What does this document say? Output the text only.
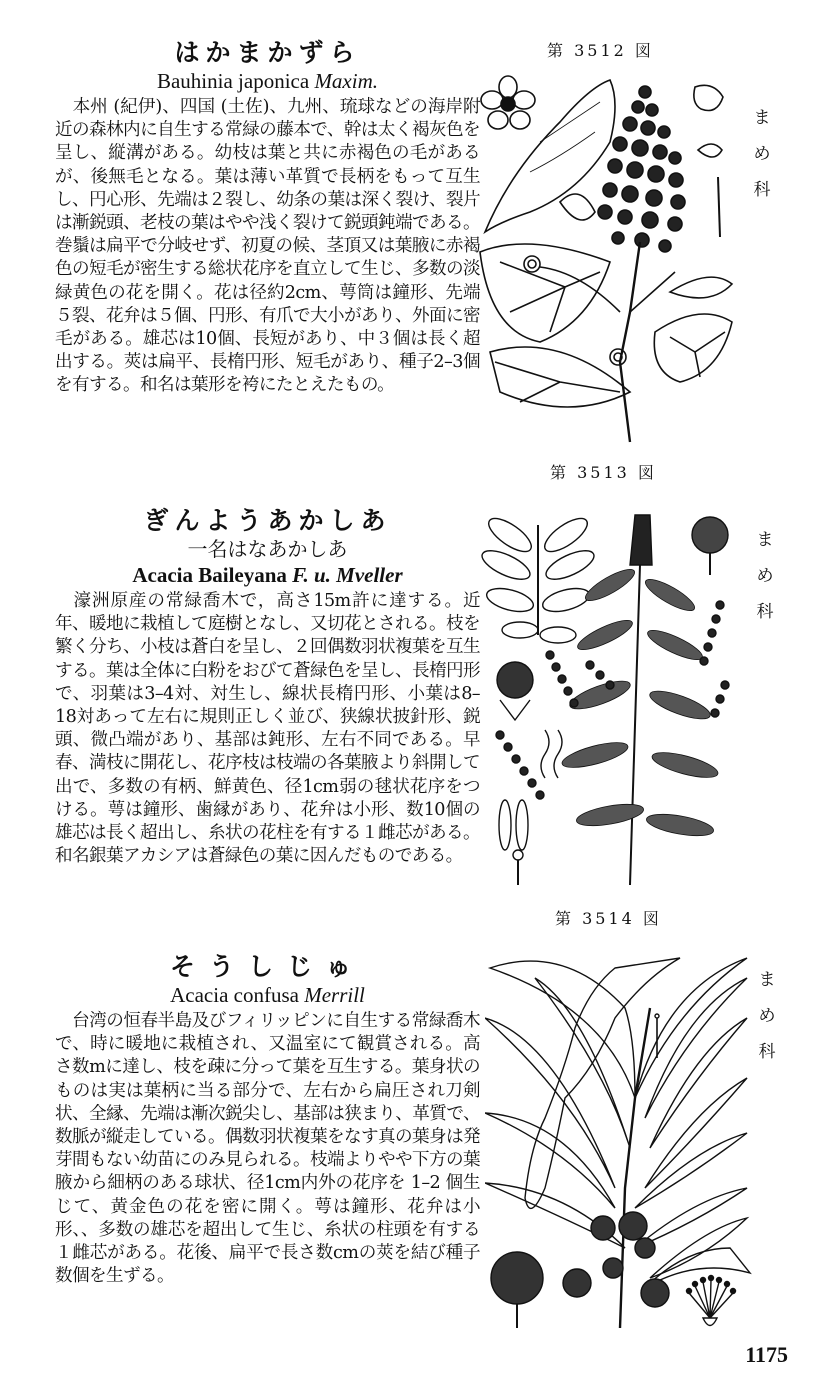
はかまかずら

Bauhinia japonica Maxim.

　本州 (紀伊)、四国 (土佐)、九州、琉球などの海岸附近の森林内に自生する常緑の藤本で、幹は太く褐灰色を呈し、縦溝がある。幼枝は葉と共に赤褐色の毛があるが、後無毛となる。葉は薄い革質で長柄をもって互生し、円心形、先端は２裂し、幼条の葉は深く裂け、裂片は漸鋭頭、老枝の葉はやや浅く裂けて鋭頭鈍端である。巻鬚は扁平で分岐せず、初夏の候、茎頂又は葉腋に赤褐色の短毛が密生する総状花序を直立して生じ、多数の淡緑黄色の花を開く。花は径約2cm、萼筒は鐘形、先端５裂、花弁は５個、円形、有爪で大小があり、外面に密毛がある。雄芯は10個、長短があり、中３個は長く超出する。莢は扁平、長楕円形、短毛があり、種子2–3個を有する。和名は葉形を袴にたとえたもの。

ぎんようあかしあ

一名はなあかしあ

Acacia Baileyana F. u. Mveller

　濠洲原産の常緑喬木で，高さ15m許に達する。近年、暖地に栽植して庭樹となし、又切花とされる。枝を繁く分ち、小枝は蒼白を呈し、２回偶数羽状複葉を互生する。葉は全体に白粉をおびて蒼緑色を呈し、長楕円形で、羽葉は3–4対、対生し、線状長楕円形、小葉は8–18対あって左右に規則正しく並び、狭線状披針形、鋭頭、微凸端があり、基部は鈍形、左右不同である。早春、満枝に開花し、花序枝は枝端の各葉腋より斜開して出で、多数の有柄、鮮黄色、径1cm弱の毬状花序をつける。萼は鐘形、歯縁があり、花弁は小形、数10個の雄芯は長く超出し、糸状の花柱を有する１雌芯がある。和名銀葉アカシアは蒼緑色の葉に因んだものである。

そうしじゅ

Acacia confusa Merrill

　台湾の恒春半島及びフィリッピンに自生する常緑喬木で、時に暖地に栽植され、又温室にて観賞される。高さ数mに達し、枝を疎に分って葉を互生する。葉身状のものは実は葉柄に当る部分で、左右から扁圧され刀剣状、全縁、先端は漸次鋭尖し、基部は狭まり、革質で、数脈が縦走している。偶数羽状複葉をなす真の葉身は発芽間もない幼苗にのみ見られる。枝端よりやや下方の葉腋から細柄のある球状、径1cm内外の花序を 1–2 個生じて、黄金色の花を密に開く。萼は鐘形、花弁は小形、、多数の雄芯を超出して生じ、糸状の柱頭を有する１雌芯がある。花後、扁平で長さ数cmの莢を結び種子数個を生ずる。

第 3512 図
第 3513 図
第 3514 図
ま
め
科
ま
め
科
ま
め
科
1175
